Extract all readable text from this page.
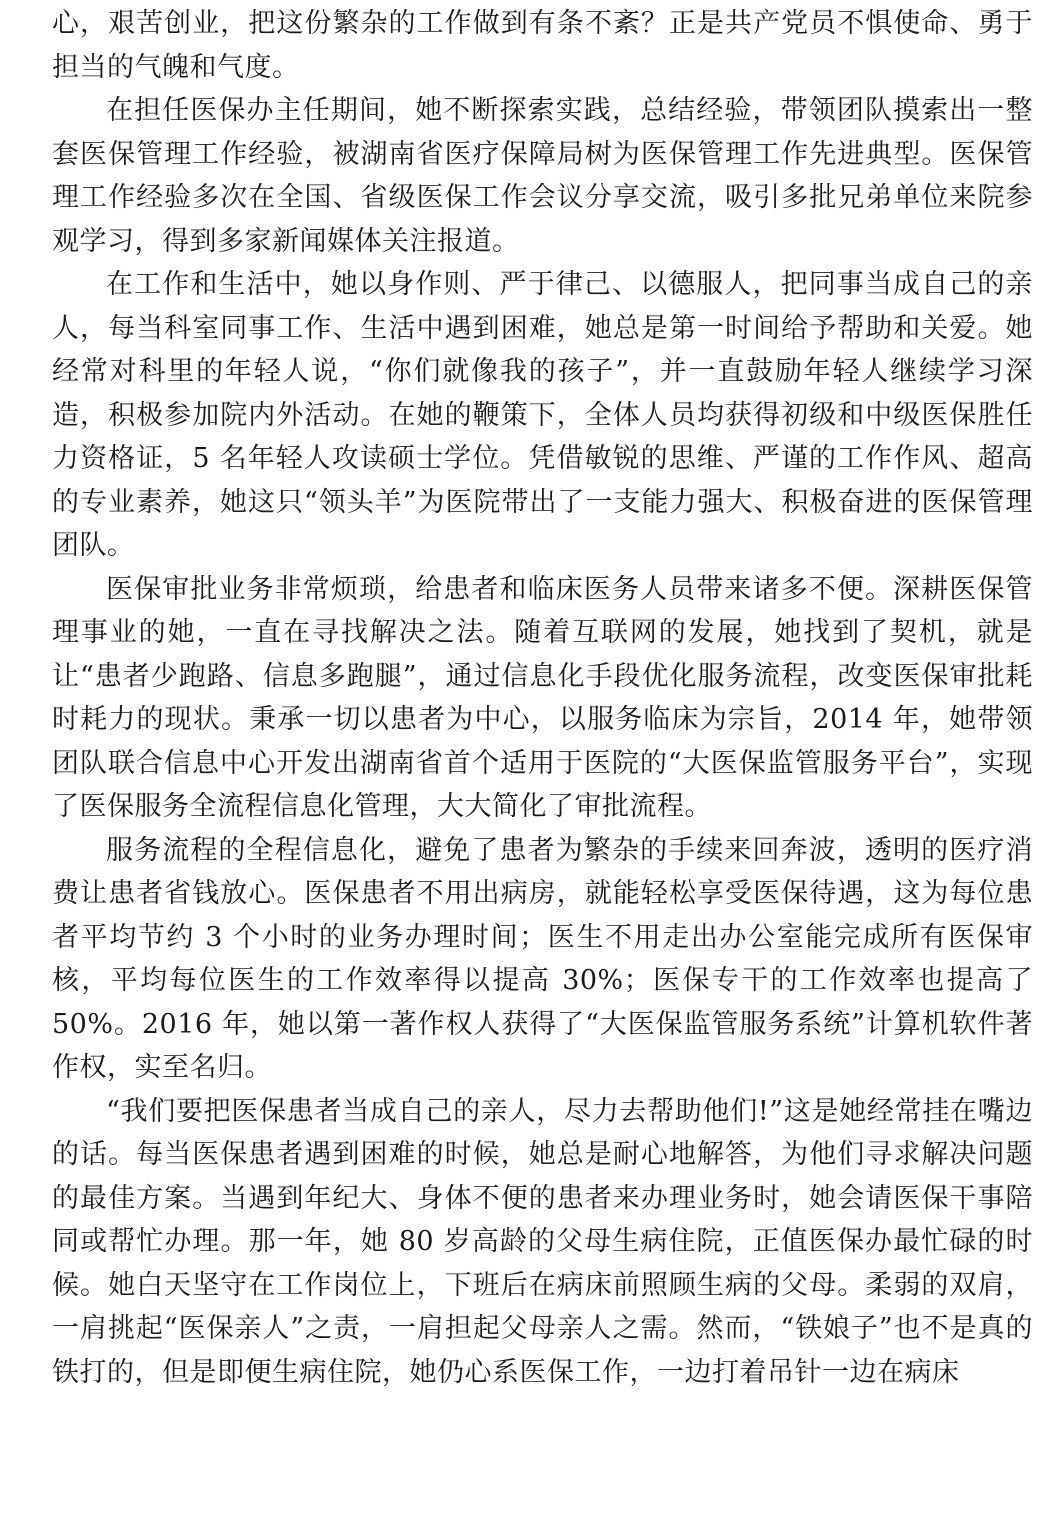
心，艰苦创业，把这份繁杂的工作做到有条不紊？正是共产党员不惧使命、勇于担当的气魄和气度。

在担任医保办主任期间，她不断探索实践，总结经验，带领团队摸索出一整套医保管理工作经验，被湖南省医疗保障局树为医保管理工作先进典型。医保管理工作经验多次在全国、省级医保工作会议分享交流，吸引多批兄弟单位来院参观学习，得到多家新闻媒体关注报道。

在工作和生活中，她以身作则、严于律己、以德服人，把同事当成自己的亲人，每当科室同事工作、生活中遇到困难，她总是第一时间给予帮助和关爱。她经常对科里的年轻人说，“你们就像我的孩子”，并一直鼓励年轻人继续学习深造，积极参加院内外活动。在她的鞭策下，全体人员均获得初级和中级医保胜任力资格证，5 名年轻人攻读硕士学位。凭借敏锐的思维、严谨的工作作风、超高的专业素养，她这只“领头羊”为医院带出了一支能力强大、积极奋进的医保管理团队。

医保审批业务非常烦琐，给患者和临床医务人员带来诸多不便。深耕医保管理事业的她，一直在寻找解决之法。随着互联网的发展，她找到了契机，就是让“患者少跑路、信息多跑腿”，通过信息化手段优化服务流程，改变医保审批耗时耗力的现状。秉承一切以患者为中心，以服务临床为宗旨，2014 年，她带领团队联合信息中心开发出湖南省首个适用于医院的“大医保监管服务平台”，实现了医保服务全流程信息化管理，大大简化了审批流程。

服务流程的全程信息化，避免了患者为繁杂的手续来回奔波，透明的医疗消费让患者省钱放心。医保患者不用出病房，就能轻松享受医保待遇，这为每位患者平均节约 3 个小时的业务办理时间；医生不用走出办公室能完成所有医保审核，平均每位医生的工作效率得以提高 30%；医保专干的工作效率也提高了 50%。2016 年，她以第一著作权人获得了“大医保监管服务系统”计算机软件著作权，实至名归。

“我们要把医保患者当成自己的亲人，尽力去帮助他们!”这是她经常挂在嘴边的话。每当医保患者遇到困难的时候，她总是耐心地解答，为他们寻求解决问题的最佳方案。当遇到年纪大、身体不便的患者来办理业务时，她会请医保干事陪同或帮忙办理。那一年，她 80 岁高龄的父母生病住院，正值医保办最忙碌的时候。她白天坚守在工作岗位上，下班后在病床前照顾生病的父母。柔弱的双肩，一肩挑起“医保亲人”之责，一肩担起父母亲人之需。然而，“铁娘子”也不是真的铁打的，但是即便生病住院，她仍心系医保工作，一边打着吊针一边在病床
